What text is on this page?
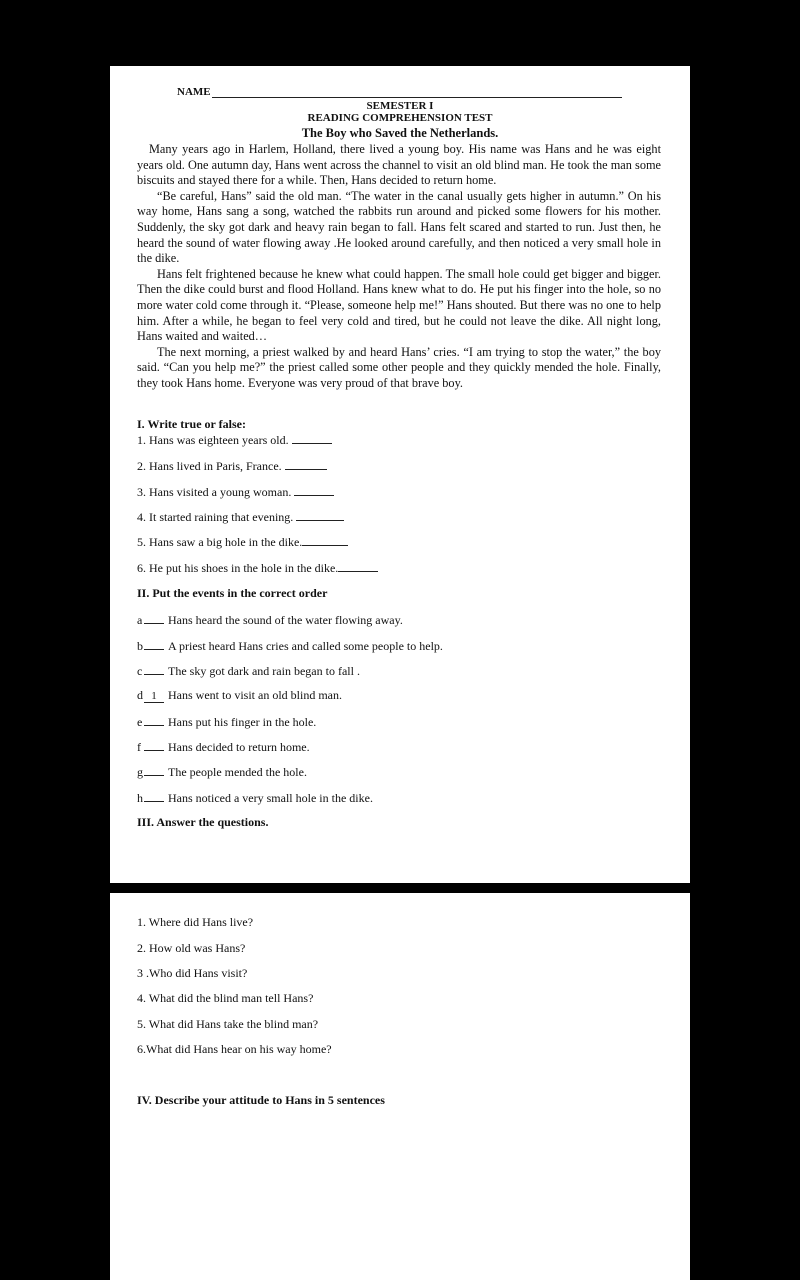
NAME
SEMESTER I
READING COMPREHENSION TEST
The Boy who Saved the Netherlands.

Many years ago in Harlem, Holland, there lived a young boy. His name was Hans and he was eight years old. One autumn day, Hans went across the channel to visit an old blind man. He took the man some biscuits and stayed there for a while. Then, Hans decided to return home.

“Be careful, Hans” said the old man. “The water in the canal usually gets higher in autumn.” On his way home, Hans sang a song, watched the rabbits run around and picked some flowers for his mother. Suddenly, the sky got dark and heavy rain began to fall. Hans felt scared and started to run. Just then, he heard the sound of water flowing away .He looked around carefully, and then noticed a very small hole in the dike.

Hans felt frightened because he knew what could happen. The small hole could get bigger and bigger. Then the dike could burst and flood Holland. Hans knew what to do. He put his finger into the hole, so no more water cold come through it. “Please, someone help me!” Hans shouted. But there was no one to help him. After a while, he began to feel very cold and tired, but he could not leave the dike. All night long, Hans waited and waited…

The next morning, a priest walked by and heard Hans’ cries. “I am trying to stop the water,” the boy said. “Can you help me?” the priest called some other people and they quickly mended the hole. Finally, they took Hans home. Everyone was very proud of that brave boy.

I. Write true or false:
1. Hans was eighteen years old.
2. Hans lived in Paris, France.
3. Hans visited a young woman.
4. It started raining that evening.
5. Hans saw a big hole in the dike.
6. He put his shoes in the hole in the dike.
II. Put the events in the correct order
a Hans heard the sound of the water flowing away.
b A priest heard Hans cries and called some people to help.
c The sky got dark and rain began to fall .
d 1 Hans went to visit an old blind man.
e Hans put his finger in the hole.
f Hans decided to return home.
g The people mended the hole.
h Hans noticed a very small hole in the dike.
III. Answer the questions.
1. Where did Hans live?
2. How old was Hans?
3 .Who did Hans visit?
4. What did the blind man tell Hans?
5. What did Hans take the blind man?
6.What did Hans hear on his way home?
IV. Describe your attitude to Hans in 5 sentences
